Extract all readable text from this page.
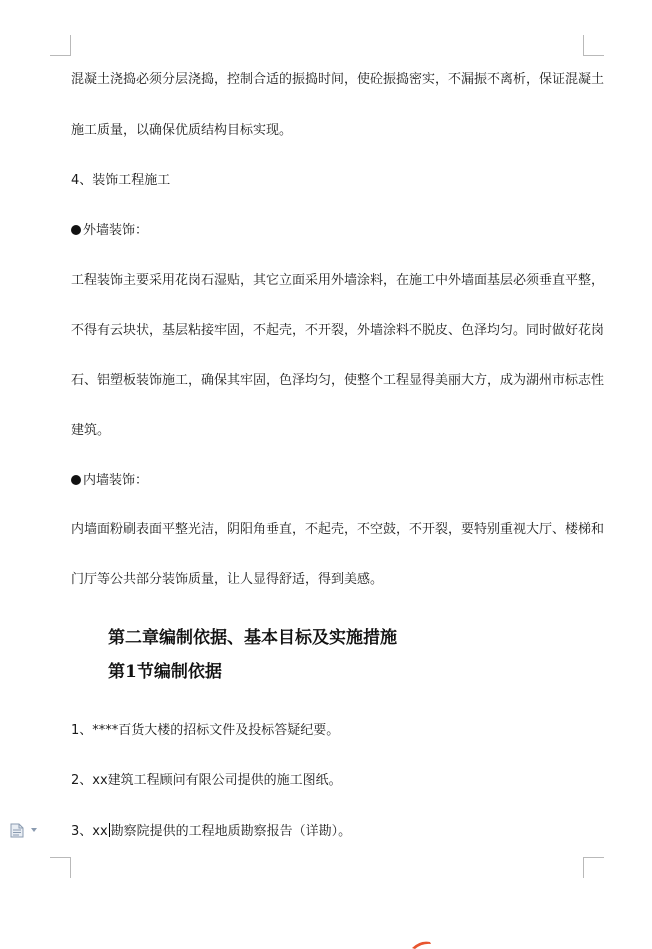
混凝土浇捣必须分层浇捣，控制合适的振捣时间，使砼振捣密实，不漏振不离析，保证混凝土
施工质量，以确保优质结构目标实现。
4、装饰工程施工
外墙装饰：
工程装饰主要采用花岗石湿贴，其它立面采用外墙涂料，在施工中外墙面基层必须垂直平整，
不得有云块状，基层粘接牢固，不起壳，不开裂，外墙涂料不脱皮、色泽均匀。同时做好花岗
石、铝塑板装饰施工，确保其牢固，色泽均匀，使整个工程显得美丽大方，成为湖州市标志性
建筑。
内墙装饰：
内墙面粉刷表面平整光洁，阴阳角垂直，不起壳，不空鼓，不开裂，要特别重视大厅、楼梯和
门厅等公共部分装饰质量，让人显得舒适，得到美感。
第二章编制依据、基本目标及实施措施
第1节编制依据
1、****百货大楼的招标文件及投标答疑纪要。
2、xx建筑工程顾问有限公司提供的施工图纸。
3、xx 勘察院提供的工程地质勘察报告（详勘）。
